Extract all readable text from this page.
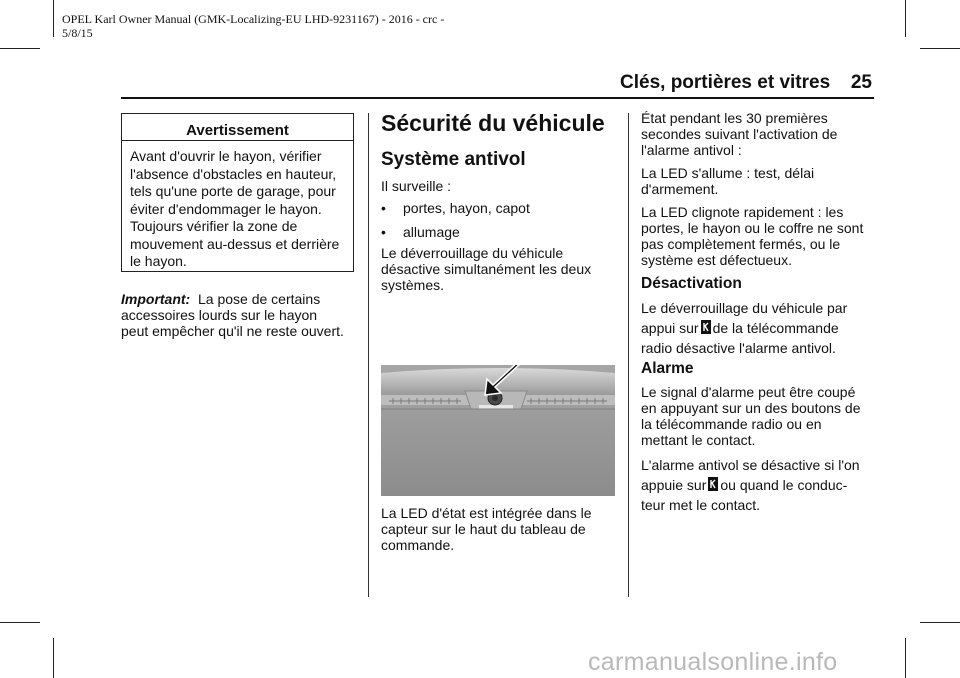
OPEL Karl Owner Manual (GMK-Localizing-EU LHD-9231167) - 2016 - crc -
5/8/15
Clés, portières et vitres 25
Avertissement
Avant d'ouvrir le hayon, vérifier
l'absence d'obstacles en hauteur,
tels qu'une porte de garage, pour
éviter d'endommager le hayon.
Toujours vérifier la zone de
mouvement au-dessus et derrière
le hayon.
Important: La pose de certains
accessoires lourds sur le hayon
peut empêcher qu'il ne reste ouvert.
Sécurité du véhicule
Système antivol
Il surveille :
•	portes, hayon, capot
•	allumage
Le déverrouillage du véhicule
désactive simultanément les deux
systèmes.
La LED d'état est intégrée dans le
capteur sur le haut du tableau de
commande.
État pendant les 30 premières
secondes suivant l'activation de
l'alarme antivol :
La LED s'allume : test, délai
d'armement.
La LED clignote rapidement : les
portes, le hayon ou le coffre ne sont
pas complètement fermés, ou le
système est défectueux.
Désactivation
Le déverrouillage du véhicule par
appui sur de la télécommande
radio désactive l'alarme antivol.
Alarme
Le signal d'alarme peut être coupé
en appuyant sur un des boutons de
la télécommande radio ou en
mettant le contact.
L'alarme antivol se désactive si l'on
appuie sur ou quand le conduc-
teur met le contact.
carmanualsonline.info
